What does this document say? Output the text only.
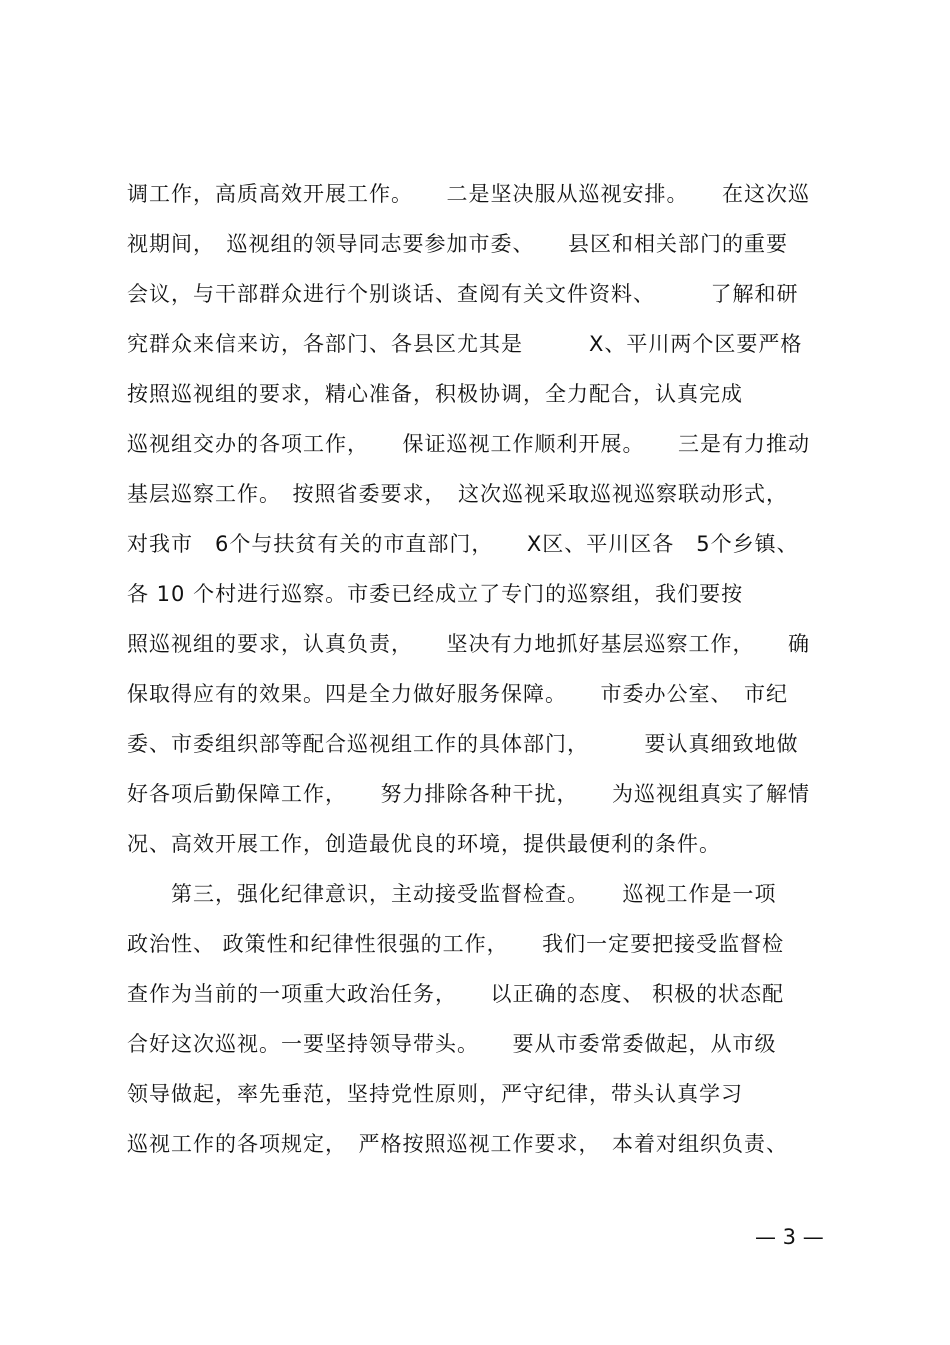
调工作，高质高效开展工作。　　二是坚决服从巡视安排。　　在这次巡
视期间，　巡视组的领导同志要参加市委、　　县区和相关部门的重要
会议，与干部群众进行个别谈话、查阅有关文件资料、　　　了解和研
究群众来信来访，各部门、各县区尤其是　　　X、平川两个区要严格
按照巡视组的要求，精心准备，积极协调，全力配合，认真完成
巡视组交办的各项工作，　　保证巡视工作顺利开展。　　三是有力推动
基层巡察工作。　按照省委要求，　这次巡视采取巡视巡察联动形式，
对我市　6个与扶贫有关的市直部门，　　X区、平川区各　5个乡镇、
各 10 个村进行巡察。市委已经成立了专门的巡察组，我们要按
照巡视组的要求，认真负责，　　坚决有力地抓好基层巡察工作，　　确
保取得应有的效果。四是全力做好服务保障。　　市委办公室、　市纪
委、市委组织部等配合巡视组工作的具体部门，　　　要认真细致地做
好各项后勤保障工作，　　努力排除各种干扰，　　为巡视组真实了解情
况、高效开展工作，创造最优良的环境，提供最便利的条件。
　　第三，强化纪律意识，主动接受监督检查。　　巡视工作是一项
政治性、 政策性和纪律性很强的工作，　　我们一定要把接受监督检
查作为当前的一项重大政治任务，　　以正确的态度、 积极的状态配
合好这次巡视。一要坚持领导带头。　　要从市委常委做起，从市级
领导做起，率先垂范，坚持党性原则，严守纪律，带头认真学习
巡视工作的各项规定，　严格按照巡视工作要求，　本着对组织负责、
— 3 —
